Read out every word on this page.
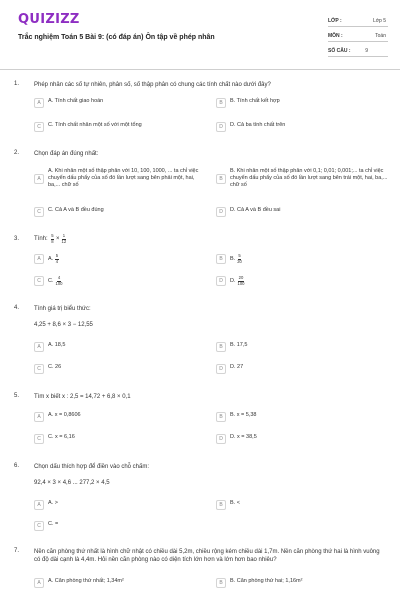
QUIZIZZ
Trắc nghiệm Toán 5 Bài 9: (có đáp án) Ôn tập về phép nhân
LỚP :	Lớp 5
MÔN :	Toán
SỐ CÂU :	9
1. Phép nhân các số tự nhiên, phân số, số thập phân có chung các tính chất nào dưới đây?
A	A. Tính chất giao hoán	B	B. Tính chất kết hợp
C	C. Tính chất nhân một số với một tổng	D	D. Cả ba tính chất trên
2. Chọn đáp án đúng nhất:
A
A. Khi nhân một số thập phân với 10, 100, 1000, ... ta chỉ việc chuyển dấu phẩy của số đó lần lượt sang bên phải một, hai, ba,... chữ số
B
B. Khi nhân một số thập phân với 0,1; 0,01; 0,001;... ta chỉ việc chuyển dấu phẩy của số đó lần lượt sang bên trái một, hai, ba,... chữ số
C	C. Cả A và B đều đúng	D	D. Cả A và B đều sai
3. Tính: $\frac{5}{8} \times \frac{1}{12}$
A	A. $\frac{5}{4}$	B	B. $\frac{5}{20}$
C	C. $\frac{4}{100}$	D	D. $\frac{20}{100}$
4. Tính giá trị biểu thức:
4,25 + 8,6 × 3 − 12,55
A	A. 18,5	B	B. 17,5
C	C. 26	D	D. 27
5. Tìm x biết x : 2,5 = 14,72 + 6,8 × 0,1
A	A. x = 0,8606	B	B. x = 5,38
C	C. x = 6,16	D	D. x = 38,5
6. Chọn dấu thích hợp để điền vào chỗ chấm:
92,4 × 3 × 4,6 ... 277,2 × 4,5
A	A. >	B	B. <
C	C. =
7. Nền căn phòng thứ nhất là hình chữ nhật có chiều dài 5,2m, chiều rộng kém chiều dài 1,7m. Nền căn phòng thứ hai là hình vuông có độ dài cạnh là 4,4m. Hỏi nền căn phòng nào có diện tích lớn hơn và lớn hơn bao nhiêu?
A	A. Căn phòng thứ nhất; 1,34m²	B	B. Căn phòng thứ hai; 1,16m²
